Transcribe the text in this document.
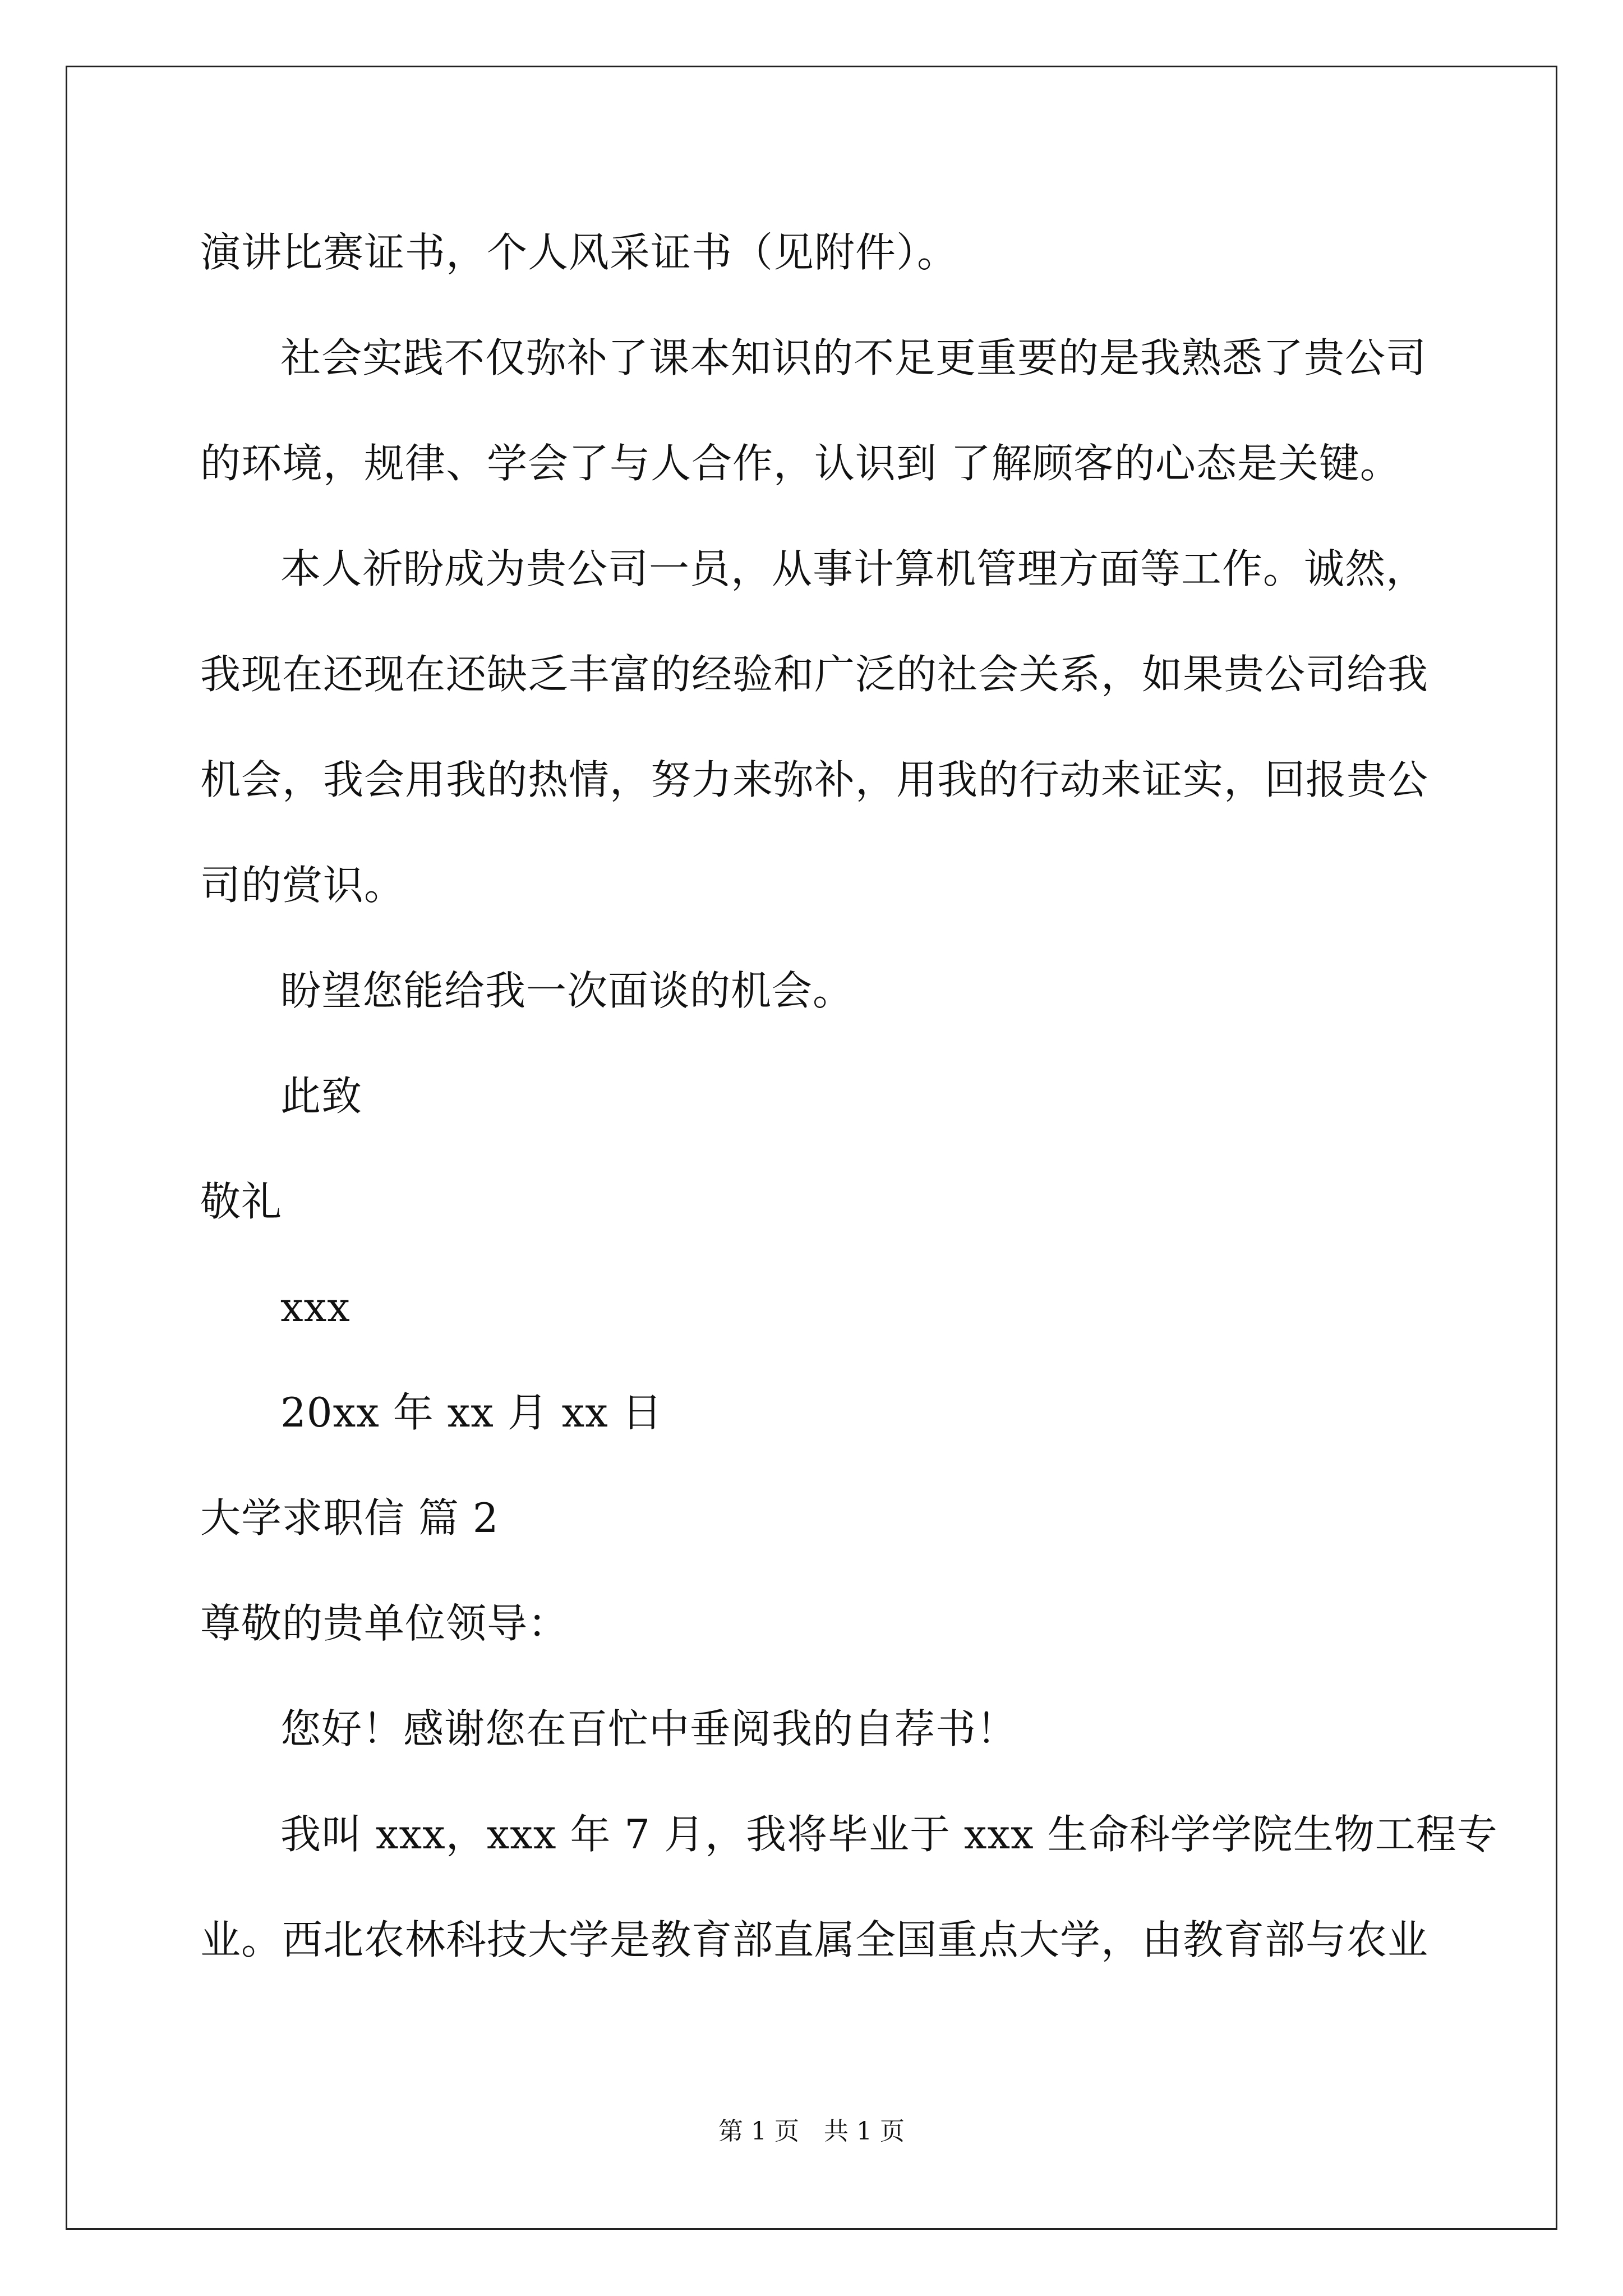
演讲比赛证书，个人风采证书（见附件）。
社会实践不仅弥补了课本知识的不足更重要的是我熟悉了贵公司
的环境，规律、学会了与人合作，认识到 了解顾客的心态是关键。
本人祈盼成为贵公司一员，从事计算机管理方面等工作。诚然，
我现在还现在还缺乏丰富的经验和广泛的社会关系，如果贵公司给我
机会，我会用我的热情，努力来弥补，用我的行动来证实，回报贵公
司的赏识。
盼望您能给我一次面谈的机会。
此致
敬礼
xxx
20xx 年 xx 月 xx 日
大学求职信 篇 2
尊敬的贵单位领导：
您好！感谢您在百忙中垂阅我的自荐书！
我叫 xxx，xxx 年 7 月，我将毕业于 xxx 生命科学学院生物工程专
业。西北农林科技大学是教育部直属全国重点大学，由教育部与农业
第 1 页　共 1 页
